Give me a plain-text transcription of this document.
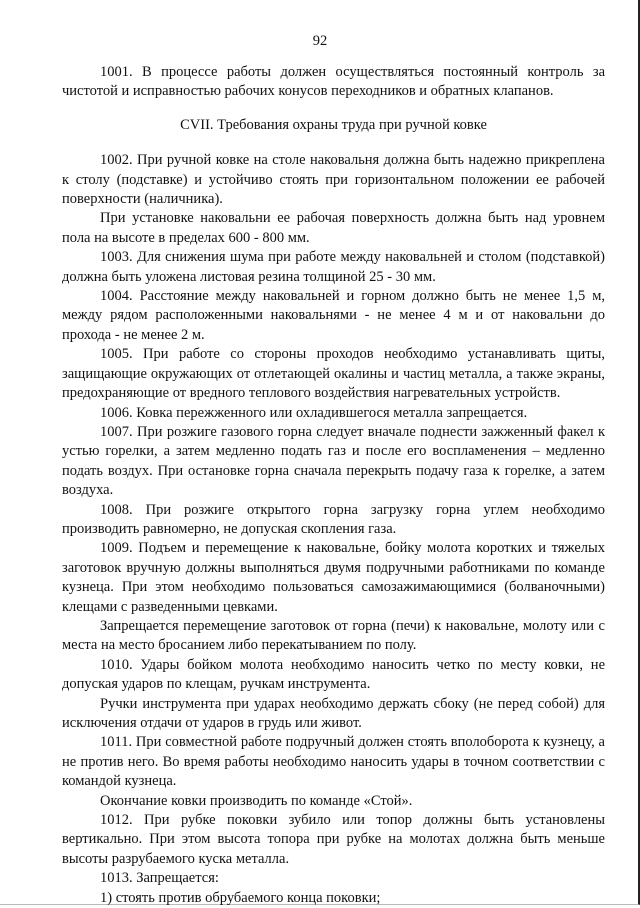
92

1001. В процессе работы должен осуществляться постоянный контроль за чистотой и исправностью рабочих конусов переходников и обратных клапанов.

CVII. Требования охраны труда при ручной ковке

1002. При ручной ковке на столе наковальня должна быть надежно прикреплена к столу (подставке) и устойчиво стоять при горизонтальном положении ее рабочей поверхности (наличника).

При установке наковальни ее рабочая поверхность должна быть над уровнем пола на высоте в пределах 600 - 800 мм.

1003. Для снижения шума при работе между наковальней и столом (подставкой) должна быть уложена листовая резина толщиной 25 - 30 мм.

1004. Расстояние между наковальней и горном должно быть не менее 1,5 м, между рядом расположенными наковальнями - не менее 4 м и от наковальни до прохода - не менее 2 м.

1005. При работе со стороны проходов необходимо устанавливать щиты, защищающие окружающих от отлетающей окалины и частиц металла, а также экраны, предохраняющие от вредного теплового воздействия нагревательных устройств.

1006. Ковка пережженного или охладившегося металла запрещается.

1007. При розжиге газового горна следует вначале поднести зажженный факел к устью горелки, а затем медленно подать газ и после его воспламенения – медленно подать воздух. При остановке горна сначала перекрыть подачу газа к горелке, а затем воздуха.

1008. При розжиге открытого горна загрузку горна углем необходимо производить равномерно, не допуская скопления газа.

1009. Подъем и перемещение к наковальне, бойку молота коротких и тяжелых заготовок вручную должны выполняться двумя подручными работниками по команде кузнеца. При этом необходимо пользоваться самозажимающимися (болваночными) клещами с разведенными цевками.

Запрещается перемещение заготовок от горна (печи) к наковальне, молоту или с места на место бросанием либо перекатыванием по полу.

1010. Удары бойком молота необходимо наносить четко по месту ковки, не допуская ударов по клещам, ручкам инструмента.

Ручки инструмента при ударах необходимо держать сбоку (не перед собой) для исключения отдачи от ударов в грудь или живот.

1011. При совместной работе подручный должен стоять вполоборота к кузнецу, а не против него. Во время работы необходимо наносить удары в точном соответствии с командой кузнеца.

Окончание ковки производить по команде «Стой».

1012. При рубке поковки зубило или топор должны быть установлены вертикально. При этом высота топора при рубке на молотах должна быть меньше высоты разрубаемого куска металла.

1013. Запрещается:

1) стоять против обрубаемого конца поковки;
